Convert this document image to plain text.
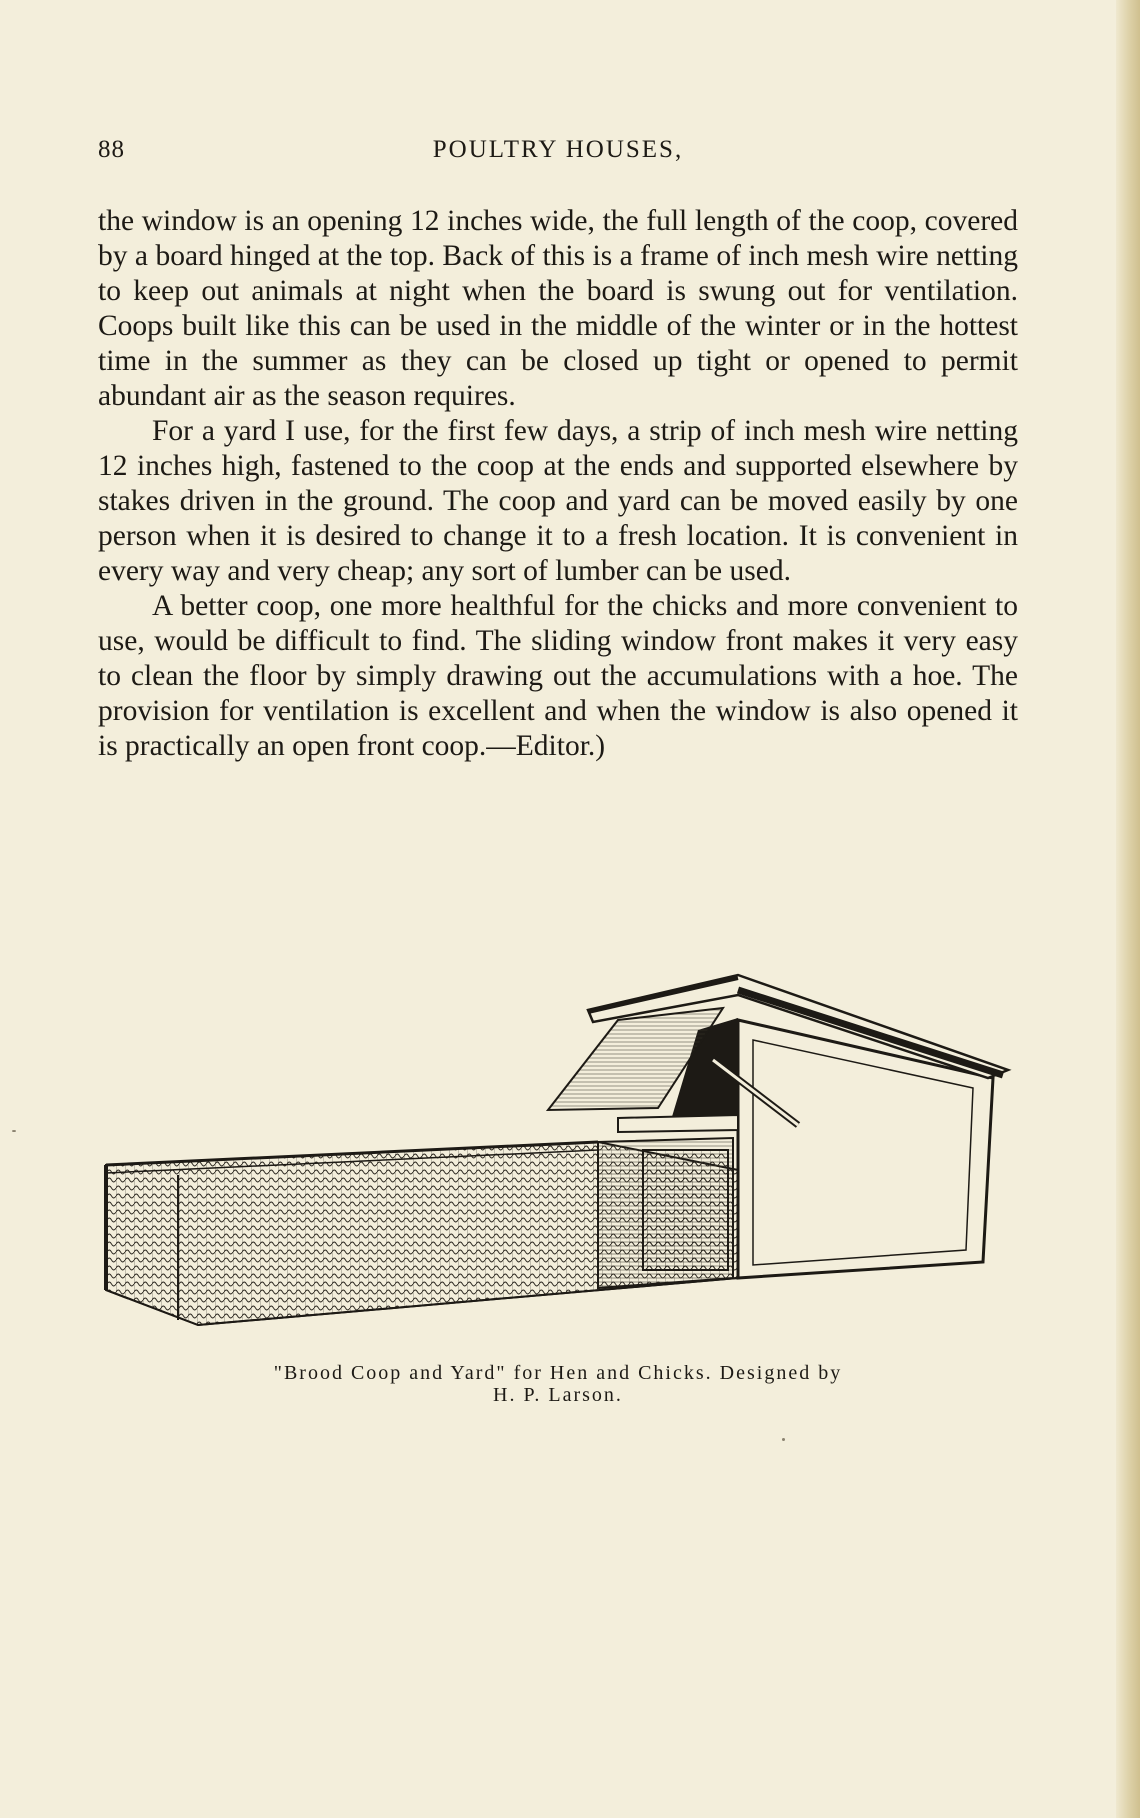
88	POULTRY HOUSES,

the window is an opening 12 inches wide, the full length of the coop, covered by a board hinged at the top. Back of this is a frame of inch mesh wire netting to keep out animals at night when the board is swung out for ventilation. Coops built like this can be used in the middle of the winter or in the hottest time in the summer as they can be closed up tight or opened to permit abundant air as the season requires.

For a yard I use, for the first few days, a strip of inch mesh wire netting 12 inches high, fastened to the coop at the ends and supported elsewhere by stakes driven in the ground. The coop and yard can be moved easily by one person when it is desired to change it to a fresh location. It is convenient in every way and very cheap; any sort of lumber can be used.

A better coop, one more healthful for the chicks and more convenient to use, would be difficult to find. The sliding window front makes it very easy to clean the floor by simply drawing out the accumulations with a hoe. The provision for ventilation is excellent and when the window is also opened it is practically an open front coop.—Editor.)

"Brood Coop and Yard" for Hen and Chicks. Designed by
H. P. Larson.
